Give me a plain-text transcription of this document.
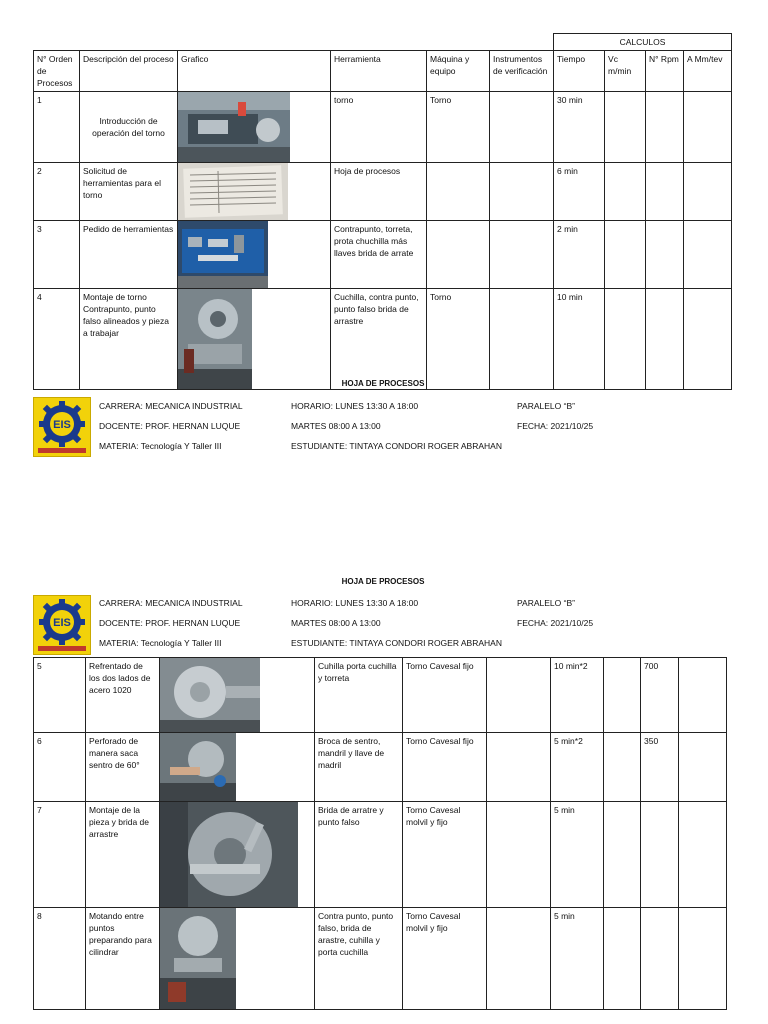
						CALCULOS			
N° Orden de Procesos	Descripción del proceso	Grafico	Herramienta	Máquina y equipo	Instrumentos de verificación	Tiempo	Vc m/min	N° Rpm	A Mm/tev
1	Introducción de operación del torno		torno	Torno		30 min			
2	Solicitud de herramientas para el torno		Hoja de procesos			6 min			
3	Pedido de herramientas		Contrapunto, torreta, prota chuchilla más llaves brida de arrate			2 min			
4	Montaje de torno Contrapunto, punto falso alineados y pieza a trabajar		Cuchilla, contra punto, punto falso brida de arrastre	Torno		10 min			
HOJA DE PROCESOS
EIS
CARRERA: MECANICA INDUSTRIAL
DOCENTE: PROF. HERNAN LUQUE
MATERIA: Tecnología Y Taller III
HORARIO: LUNES 13:30 A 18:00
MARTES 08:00 A 13:00
ESTUDIANTE: TINTAYA CONDORI ROGER ABRAHAN
PARALELO “B”
FECHA: 2021/10/25
HOJA DE PROCESOS
EIS
CARRERA: MECANICA INDUSTRIAL
DOCENTE: PROF. HERNAN LUQUE
MATERIA: Tecnología Y Taller III
HORARIO: LUNES 13:30 A 18:00
MARTES 08:00 A 13:00
ESTUDIANTE: TINTAYA CONDORI ROGER ABRAHAN
PARALELO “B”
FECHA: 2021/10/25
5	Refrentado de los dos lados de acero 1020		Cuhilla porta cuchilla y torreta	Torno Cavesal fijo		10 min*2		700	
6	Perforado de manera saca sentro de 60°		Broca de sentro, mandril y llave de madril	Torno Cavesal fijo		5 min*2		350	
7	Montaje de la pieza y brida de arrastre		Brida de arratre y punto falso	Torno Cavesal molvil y fijo		5 min			
8	Motando entre puntos preparando para cilindrar		Contra punto, punto falso, brida de arastre, cuhilla y porta cuchilla	Torno Cavesal molvil y fijo		5 min			
